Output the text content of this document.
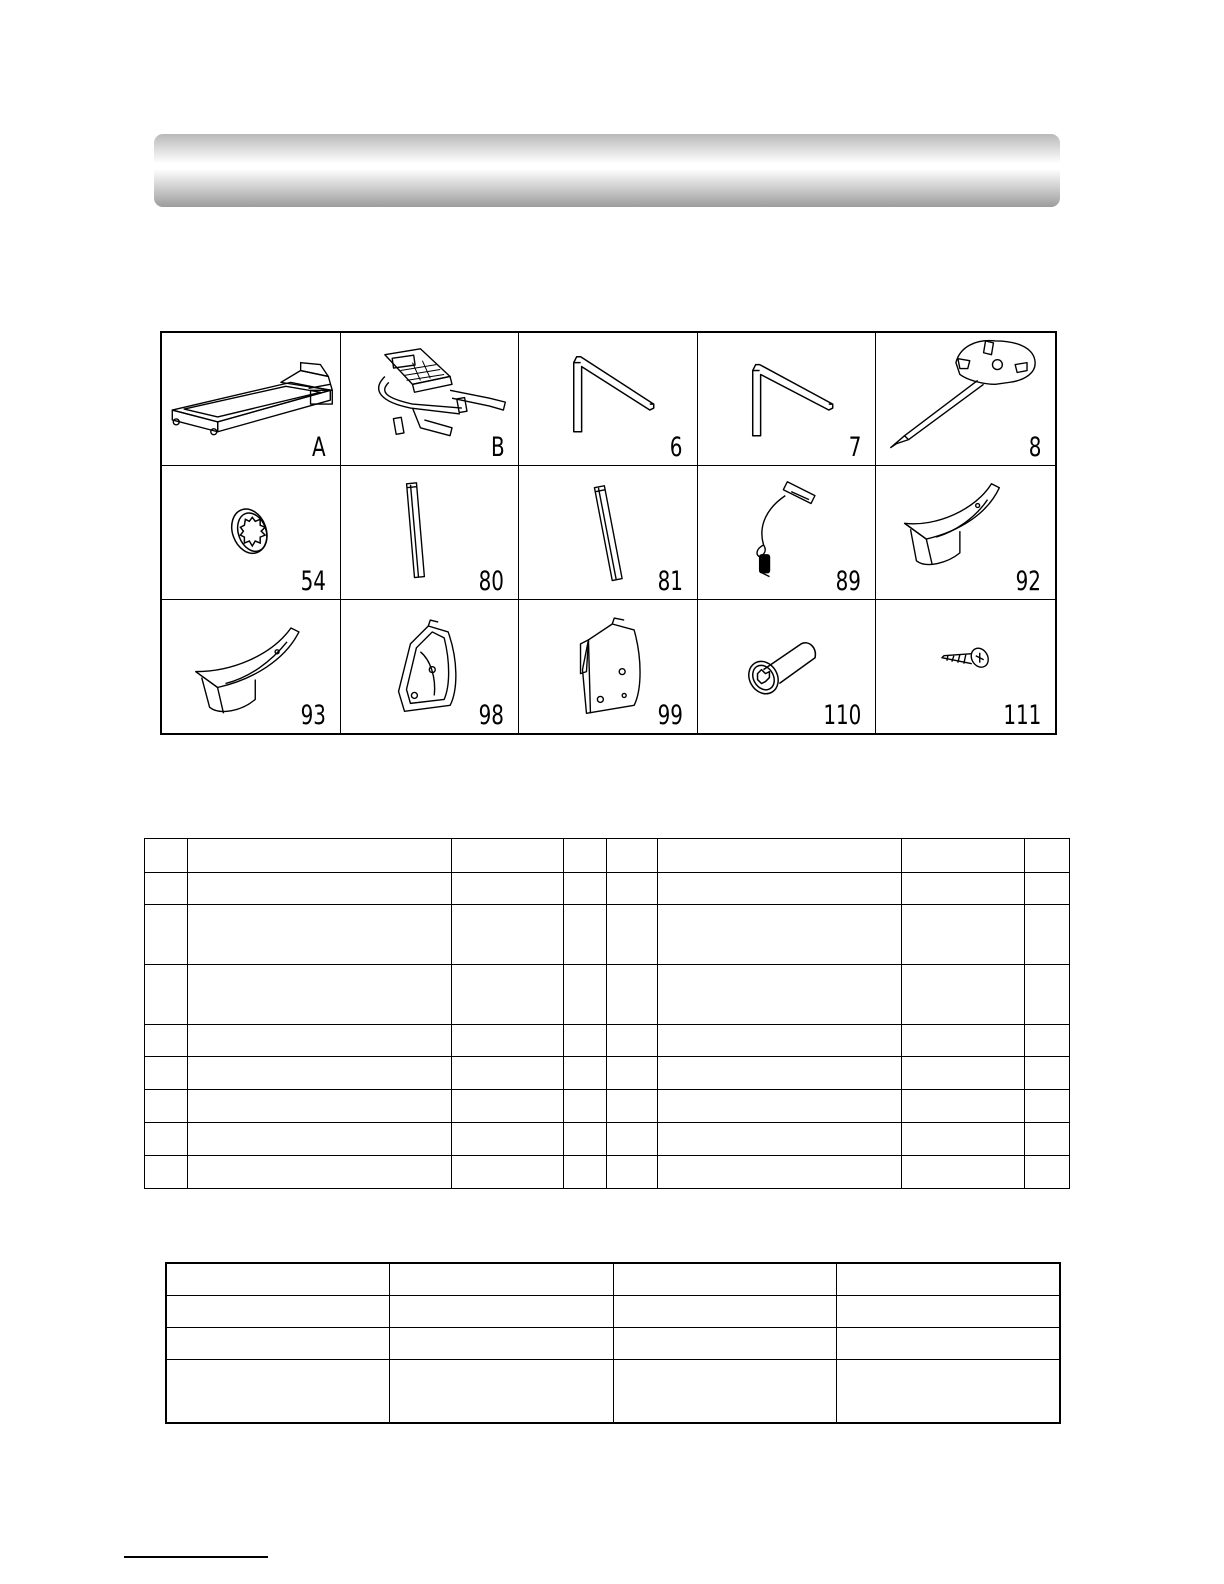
A	B	6	7	8
54	80	81	89	92
93	98	99	110	111
